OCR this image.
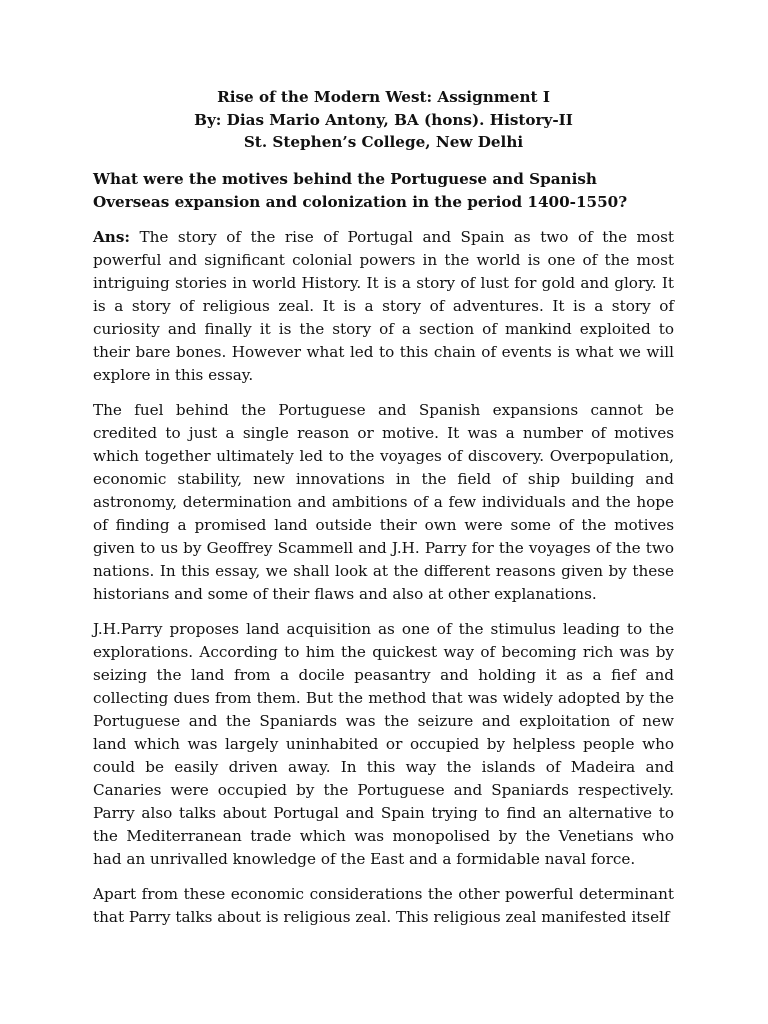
Rise of the Modern West: Assignment I
By: Dias Mario Antony, BA (hons). History-II
St. Stephen’s College, New Delhi
What were the motives behind the Portuguese and Spanish Overseas expansion and colonization in the period 1400-1550?
Ans: The story of the rise of Portugal and Spain as two of the most powerful and significant colonial powers in the world is one of the most intriguing stories in world History. It is a story of lust for gold and glory. It is a story of religious zeal. It is a story of adventures. It is a story of curiosity and finally it is the story of a section of mankind exploited to their bare bones. However what led to this chain of events is what we will explore in this essay.
The fuel behind the Portuguese and Spanish expansions cannot be credited to just a single reason or motive. It was a number of motives which together ultimately led to the voyages of discovery. Overpopulation, economic stability, new innovations in the field of ship building and astronomy, determination and ambitions of a few individuals and the hope of finding a promised land outside their own were some of the motives given to us by Geoffrey Scammell and J.H. Parry for the voyages of the two nations. In this essay, we shall look at the different reasons given by these historians and some of their flaws and also at other explanations.
J.H.Parry proposes land acquisition as one of the stimulus leading to the explorations. According to him the quickest way of becoming rich was by seizing the land from a docile peasantry and holding it as a fief and collecting dues from them. But the method that was widely adopted by the Portuguese and the Spaniards was the seizure and exploitation of new land which was largely uninhabited or occupied by helpless people who could be easily driven away. In this way the islands of Madeira and Canaries were occupied by the Portuguese and Spaniards respectively. Parry also talks about Portugal and Spain trying to find an alternative to the Mediterranean trade which was monopolised by the Venetians who had an unrivalled knowledge of the East and a formidable naval force.
Apart from these economic considerations the other powerful determinant that Parry talks about is religious zeal. This religious zeal manifested itself
